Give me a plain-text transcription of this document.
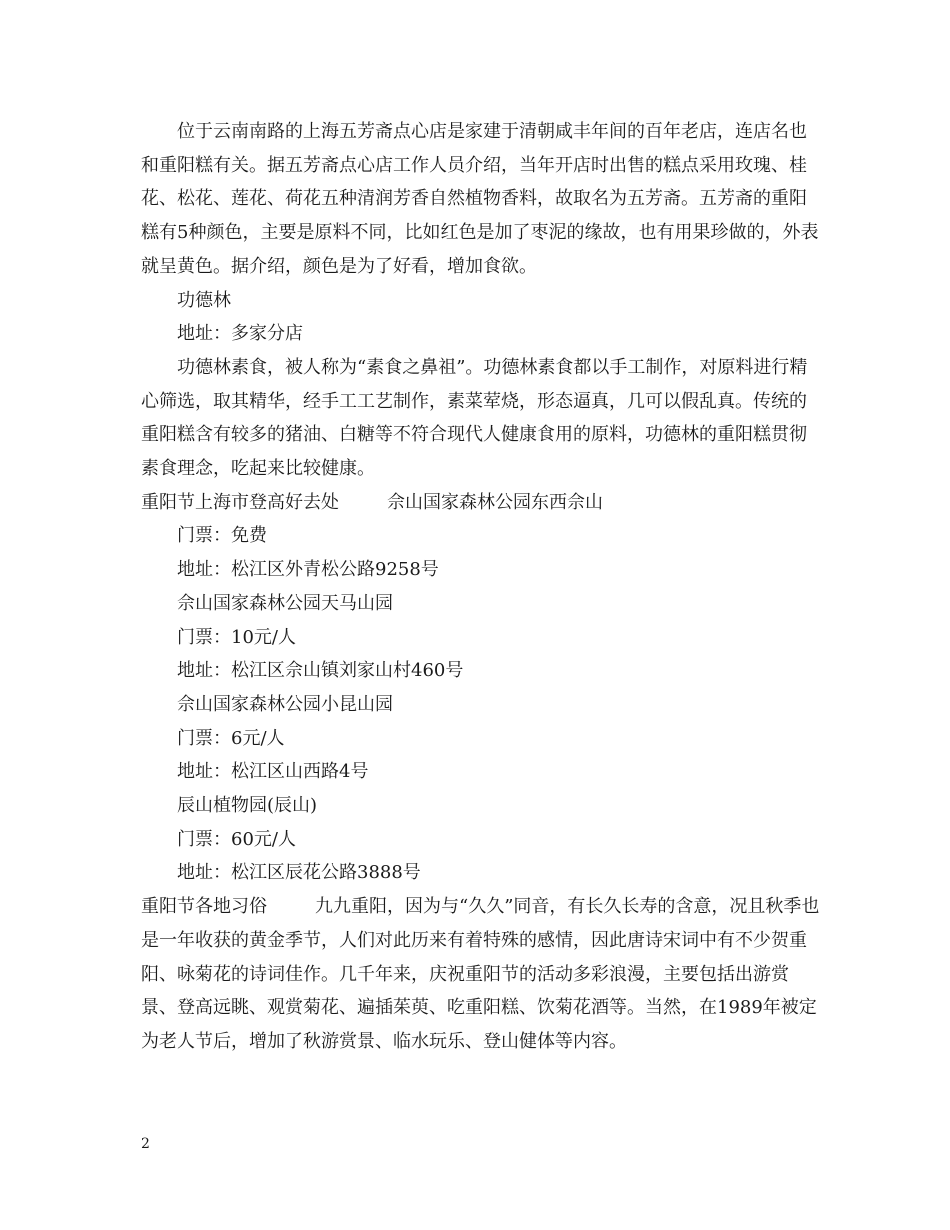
位于云南南路的上海五芳斋点心店是家建于清朝咸丰年间的百年老店，连店名也和重阳糕有关。据五芳斋点心店工作人员介绍，当年开店时出售的糕点采用玫瑰、桂花、松花、莲花、荷花五种清润芳香自然植物香料，故取名为五芳斋。五芳斋的重阳糕有5种颜色，主要是原料不同，比如红色是加了枣泥的缘故，也有用果珍做的，外表就呈黄色。据介绍，颜色是为了好看，增加食欲。

功德林

地址：多家分店

功德林素食，被人称为“素食之鼻祖”。功德林素食都以手工制作，对原料进行精心筛选，取其精华，经手工工艺制作，素菜荤烧，形态逼真，几可以假乱真。传统的重阳糕含有较多的猪油、白糖等不符合现代人健康食用的原料，功德林的重阳糕贯彻素食理念，吃起来比较健康。

重阳节上海市登高好去处	佘山国家森林公园东西佘山

门票：免费

地址：松江区外青松公路9258号

佘山国家森林公园天马山园

门票：10元/人

地址：松江区佘山镇刘家山村460号

佘山国家森林公园小昆山园

门票：6元/人

地址：松江区山西路4号

辰山植物园(辰山)

门票：60元/人

地址：松江区辰花公路3888号

重阳节各地习俗	九九重阳，因为与“久久”同音，有长久长寿的含意，况且秋季也是一年收获的黄金季节，人们对此历来有着特殊的感情，因此唐诗宋词中有不少贺重阳、咏菊花的诗词佳作。几千年来，庆祝重阳节的活动多彩浪漫，主要包括出游赏景、登高远眺、观赏菊花、遍插茱萸、吃重阳糕、饮菊花酒等。当然，在1989年被定为老人节后，增加了秋游赏景、临水玩乐、登山健体等内容。

2
